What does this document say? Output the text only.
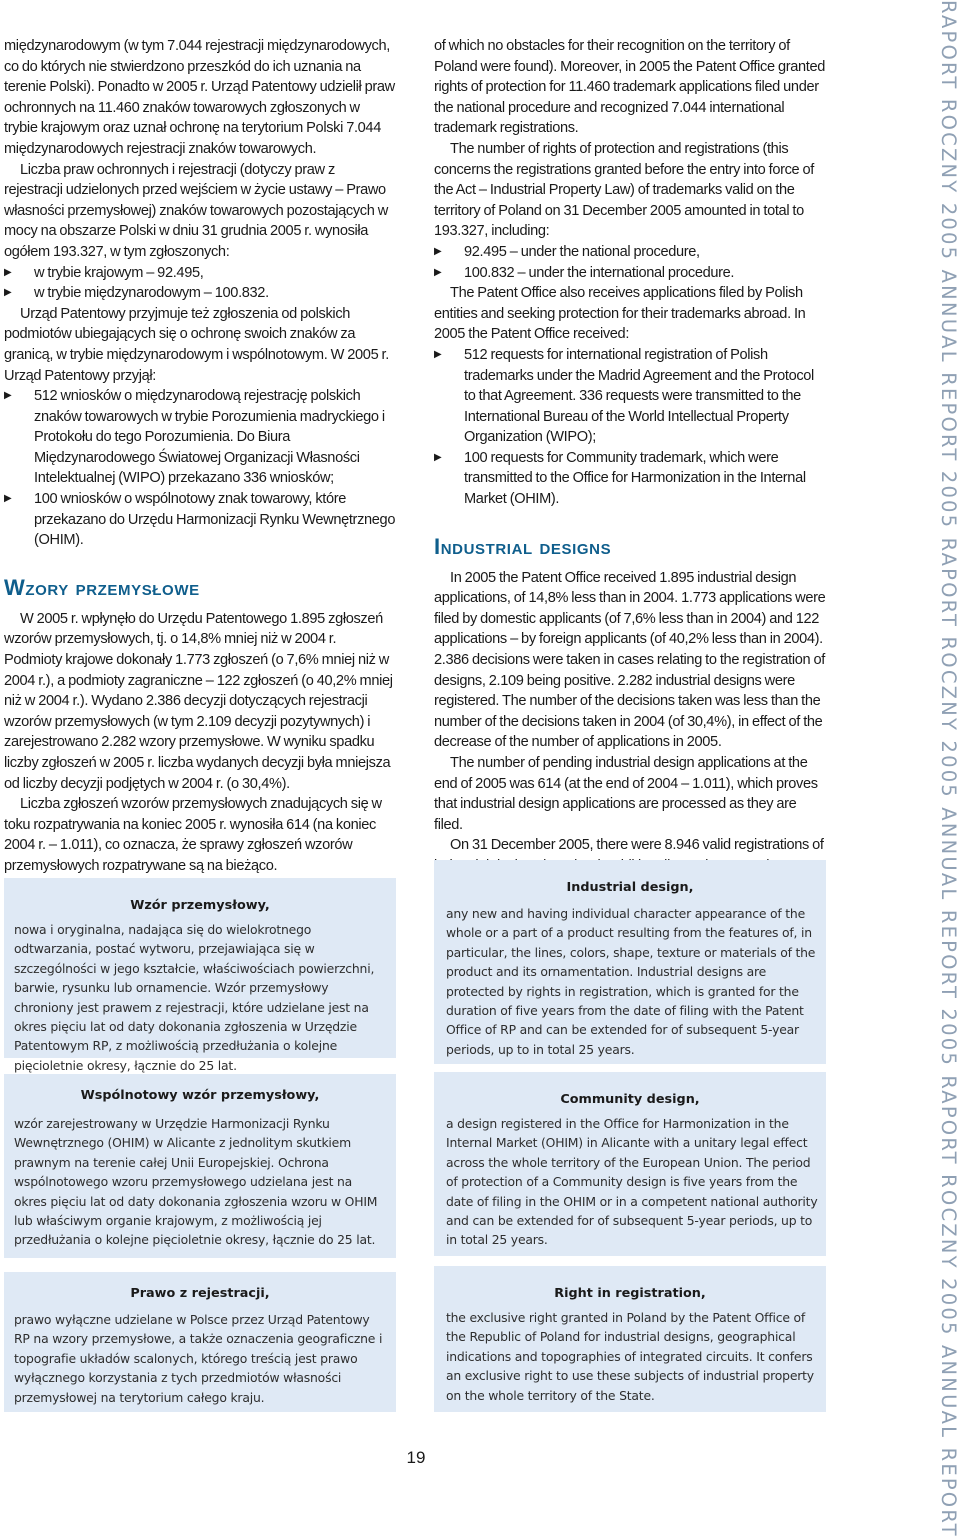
międzynarodowym (w tym 7.044 rejestracji międzynarodowych, co do których nie stwierdzono przeszkód do ich uznania na terenie Polski). Ponadto w 2005 r. Urząd Patentowy udzielił praw ochronnych na 11.460 znaków towarowych zgłoszonych w trybie krajowym oraz uznał ochronę na terytorium Polski 7.044 międzynarodowych rejestracji znaków towarowych.

Liczba praw ochronnych i rejestracji (dotyczy praw z rejestracji udzielonych przed wejściem w życie ustawy – Prawo własności przemysłowej) znaków towarowych pozostających w mocy na obszarze Polski w dniu 31 grudnia 2005 r. wynosiła ogółem 193.327, w tym zgłoszonych:

▶	w trybie krajowym – 92.495,
▶	w trybie międzynarodowym – 100.832.

Urząd Patentowy przyjmuje też zgłoszenia od polskich podmiotów ubiegających się o ochronę swoich znaków za granicą, w trybie międzynarodowym i wspólnotowym. W 2005 r. Urząd Patentowy przyjął:

▶	512 wniosków o międzynarodową rejestrację polskich znaków towarowych w trybie Porozumienia madryckiego i Protokołu do tego Porozumienia. Do Biura Międzynarodowego Światowej Organizacji Własności Intelektualnej (WIPO) przekazano 336 wniosków;
▶	100 wniosków o wspólnotowy znak towarowy, które przekazano do Urzędu Harmonizacji Rynku Wewnętrznego (OHIM).
Wzory przemysłowe

W 2005 r. wpłynęło do Urzędu Patentowego 1.895 zgłoszeń wzorów przemysłowych, tj. o 14,8% mniej niż w 2004 r. Podmioty krajowe dokonały 1.773 zgłoszeń (o 7,6% mniej niż w 2004 r.), a podmioty zagraniczne – 122 zgłoszeń (o 40,2% mniej niż w 2004 r.). Wydano 2.386 decyzji dotyczących rejestracji wzorów przemysłowych (w tym 2.109 decyzji pozytywnych) i zarejestrowano 2.282 wzory przemysłowe. W wyniku spadku liczby zgłoszeń w 2005 r. liczba wydanych decyzji była mniejsza od liczby decyzji podjętych w 2004 r. (o 30,4%).

Liczba zgłoszeń wzorów przemysłowych znadujących się w toku rozpatrywania na koniec 2005 r. wynosiła 614 (na koniec 2004 r. – 1.011), co oznacza, że sprawy zgłoszeń wzorów przemysłowych rozpatrywane są na bieżąco.

Wzór przemysłowy,
nowa i oryginalna, nadająca się do wielokrotnego odtwarzania, postać wytworu, przejawiająca się w szczególności w jego kształcie, właściwościach powierzchni, barwie, rysunku lub ornamencie. Wzór przemysłowy chroniony jest prawem z rejestracji, które udzielane jest na okres pięciu lat od daty dokonania zgłoszenia w Urzędzie Patentowym RP, z możliwością przedłużania o kolejne pięcioletnie okresy, łącznie do 25 lat.
Wspólnotowy wzór przemysłowy,
wzór zarejestrowany w Urzędzie Harmonizacji Rynku Wewnętrznego (OHIM) w Alicante z jednolitym skutkiem prawnym na terenie całej Unii Europejskiej. Ochrona wspólnotowego wzoru przemysłowego udzielana jest na okres pięciu lat od daty dokonania zgłoszenia wzoru w OHIM lub właściwym organie krajowym, z możliwością jej przedłużania o kolejne pięcioletnie okresy, łącznie do 25 lat.
Prawo z rejestracji,
prawo wyłączne udzielane w Polsce przez Urząd Patentowy RP na wzory przemysłowe, a także oznaczenia geograficzne i topografie układów scalonych, którego treścią jest prawo wyłącznego korzystania z tych przedmiotów własności przemysłowej na terytorium całego kraju.

of which no obstacles for their recognition on the territory of Poland were found). Moreover, in 2005 the Patent Office granted rights of protection for 11.460 trademark applications filed under the national procedure and recognized 7.044 international trademark registrations.

The number of rights of protection and registrations (this concerns the registrations granted before the entry into force of the Act – Industrial Property Law) of trademarks valid on the territory of Poland on 31 December 2005 amounted in total to 193.327, including:

▶	92.495 – under the national procedure,
▶	100.832 – under the international procedure.

The Patent Office also receives applications filed by Polish entities and seeking protection for their trademarks abroad. In 2005 the Patent Office received:

▶	512 requests for international registration of Polish trademarks under the Madrid Agreement and the Protocol to that Agreement. 336 requests were transmitted to the International Bureau of the World Intellectual Property Organization (WIPO);
▶	100 requests for Community trademark, which were transmitted to the Office for Harmonization in the Internal Market (OHIM).
Industrial designs

In 2005 the Patent Office received 1.895 industrial design applications, of 14,8% less than in 2004. 1.773 applications were filed by domestic applicants (of 7,6% less than in 2004) and 122 applications – by foreign applicants (of 40,2% less than in 2004). 2.386 decisions were taken in cases relating to the registration of designs, 2.109 being positive. 2.282 industrial designs were registered. The number of the decisions taken was less than the number of the decisions taken in 2004 (of 30,4%), in effect of the decrease of the number of applications in 2005.

The number of pending industrial design applications at the end of 2005 was 614 (at the end of 2004 – 1.011), which proves that industrial design applications are processed as they are filed.

On 31 December 2005, there were 8.946 valid registrations of

Industrial design,
any new and having individual character appearance of the whole or a part of a product resulting from the features of, in particular, the lines, colors, shape, texture or materials of the product and its ornamentation. Industrial designs are protected by rights in registration, which is granted for the duration of five years from the date of filing with the Patent Office of RP and can be extended for of subsequent 5-year periods, up to in total 25 years.
Community design,
a design registered in the Office for Harmonization in the Internal Market (OHIM) in Alicante with a unitary legal effect across the whole territory of the European Union. The period of protection of a Community design is five years from the date of filing in the OHIM or in a competent national authority and can be extended for of subsequent 5-year periods, up to in total 25 years.
Right in registration,
the exclusive right granted in Poland by the Patent Office of the Republic of Poland for industrial designs, geographical indications and topographies of integrated circuits. It confers an exclusive right to use these subjects of industrial property on the whole territory of the State.
19	RAPORT ROCZNY 2005 ANNUAL REPORT 2005 RAPORT ROCZNY 2005 ANNUAL REPORT 2005 RAPORT ROCZNY 2005 ANNUAL REPORT
